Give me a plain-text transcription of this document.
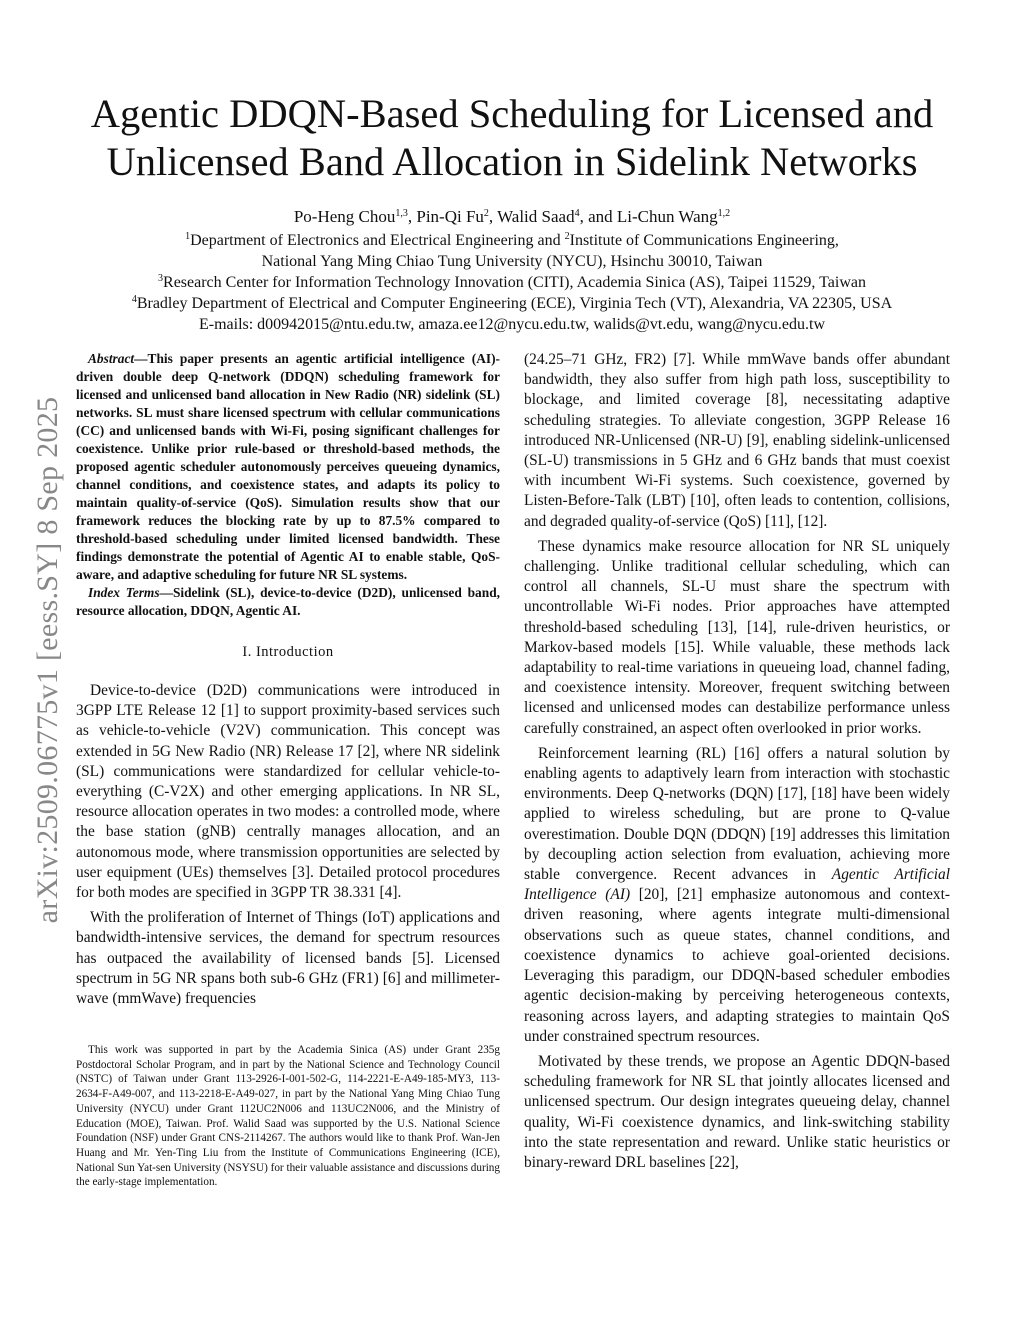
arXiv:2509.06775v1 [eess.SY] 8 Sep 2025
Agentic DDQN-Based Scheduling for Licensed and
Unlicensed Band Allocation in Sidelink Networks
Po-Heng Chou$^{1,3}$, Pin-Qi Fu$^2$, Walid Saad$^4$, and Li-Chun Wang$^{1,2}$
$^1$Department of Electronics and Electrical Engineering and $^2$Institute of Communications Engineering,
National Yang Ming Chiao Tung University (NYCU), Hsinchu 30010, Taiwan
$^3$Research Center for Information Technology Innovation (CITI), Academia Sinica (AS), Taipei 11529, Taiwan
$^4$Bradley Department of Electrical and Computer Engineering (ECE), Virginia Tech (VT), Alexandria, VA 22305, USA
E-mails: d00942015@ntu.edu.tw, amaza.ee12@nycu.edu.tw, walids@vt.edu, wang@nycu.edu.tw

Abstract—This paper presents an agentic artificial intelligence (AI)-driven double deep Q-network (DDQN) scheduling framework for licensed and unlicensed band allocation in New Radio (NR) sidelink (SL) networks. SL must share licensed spectrum with cellular communications (CC) and unlicensed bands with Wi-Fi, posing significant challenges for coexistence. Unlike prior rule-based or threshold-based methods, the proposed agentic scheduler autonomously perceives queueing dynamics, channel conditions, and coexistence states, and adapts its policy to maintain quality-of-service (QoS). Simulation results show that our framework reduces the blocking rate by up to 87.5% compared to threshold-based scheduling under limited licensed bandwidth. These findings demonstrate the potential of Agentic AI to enable stable, QoS-aware, and adaptive scheduling for future NR SL systems.

Index Terms—Sidelink (SL), device-to-device (D2D), unlicensed band, resource allocation, DDQN, Agentic AI.

I. Introduction

Device-to-device (D2D) communications were introduced in 3GPP LTE Release 12 [1] to support proximity-based services such as vehicle-to-vehicle (V2V) communication. This concept was extended in 5G New Radio (NR) Release 17 [2], where NR sidelink (SL) communications were standardized for cellular vehicle-to-everything (C-V2X) and other emerging applications. In NR SL, resource allocation operates in two modes: a controlled mode, where the base station (gNB) centrally manages allocation, and an autonomous mode, where transmission opportunities are selected by user equipment (UEs) themselves [3]. Detailed protocol procedures for both modes are specified in 3GPP TR 38.331 [4].

With the proliferation of Internet of Things (IoT) applications and bandwidth-intensive services, the demand for spectrum resources has outpaced the availability of licensed bands [5]. Licensed spectrum in 5G NR spans both sub-6 GHz (FR1) [6] and millimeter-wave (mmWave) frequencies

(24.25–71 GHz, FR2) [7]. While mmWave bands offer abundant bandwidth, they also suffer from high path loss, susceptibility to blockage, and limited coverage [8], necessitating adaptive scheduling strategies. To alleviate congestion, 3GPP Release 16 introduced NR-Unlicensed (NR-U) [9], enabling sidelink-unlicensed (SL-U) transmissions in 5 GHz and 6 GHz bands that must coexist with incumbent Wi-Fi systems. Such coexistence, governed by Listen-Before-Talk (LBT) [10], often leads to contention, collisions, and degraded quality-of-service (QoS) [11], [12].

These dynamics make resource allocation for NR SL uniquely challenging. Unlike traditional cellular scheduling, which can control all channels, SL-U must share the spectrum with uncontrollable Wi-Fi nodes. Prior approaches have attempted threshold-based scheduling [13], [14], rule-driven heuristics, or Markov-based models [15]. While valuable, these methods lack adaptability to real-time variations in queueing load, channel fading, and coexistence intensity. Moreover, frequent switching between licensed and unlicensed modes can destabilize performance unless carefully constrained, an aspect often overlooked in prior works.

Reinforcement learning (RL) [16] offers a natural solution by enabling agents to adaptively learn from interaction with stochastic environments. Deep Q-networks (DQN) [17], [18] have been widely applied to wireless scheduling, but are prone to Q-value overestimation. Double DQN (DDQN) [19] addresses this limitation by decoupling action selection from evaluation, achieving more stable convergence. Recent advances in Agentic Artificial Intelligence (AI) [20], [21] emphasize autonomous and context-driven reasoning, where agents integrate multi-dimensional observations such as queue states, channel conditions, and coexistence dynamics to achieve goal-oriented decisions. Leveraging this paradigm, our DDQN-based scheduler embodies agentic decision-making by perceiving heterogeneous contexts, reasoning across layers, and adapting strategies to maintain QoS under constrained spectrum resources.

Motivated by these trends, we propose an Agentic DDQN-based scheduling framework for NR SL that jointly allocates licensed and unlicensed spectrum. Our design integrates queueing delay, channel quality, Wi-Fi coexistence dynamics, and link-switching stability into the state representation and reward. Unlike static heuristics or binary-reward DRL baselines [22],

This work was supported in part by the Academia Sinica (AS) under Grant 235g Postdoctoral Scholar Program, and in part by the National Science and Technology Council (NSTC) of Taiwan under Grant 113-2926-I-001-502-G, 114-2221-E-A49-185-MY3, 113-2634-F-A49-007, and 113-2218-E-A49-027, in part by the National Yang Ming Chiao Tung University (NYCU) under Grant 112UC2N006 and 113UC2N006, and the Ministry of Education (MOE), Taiwan. Prof. Walid Saad was supported by the U.S. National Science Foundation (NSF) under Grant CNS-2114267. The authors would like to thank Prof. Wan-Jen Huang and Mr. Yen-Ting Liu from the Institute of Communications Engineering (ICE), National Sun Yat-sen University (NSYSU) for their valuable assistance and discussions during the early-stage implementation.
